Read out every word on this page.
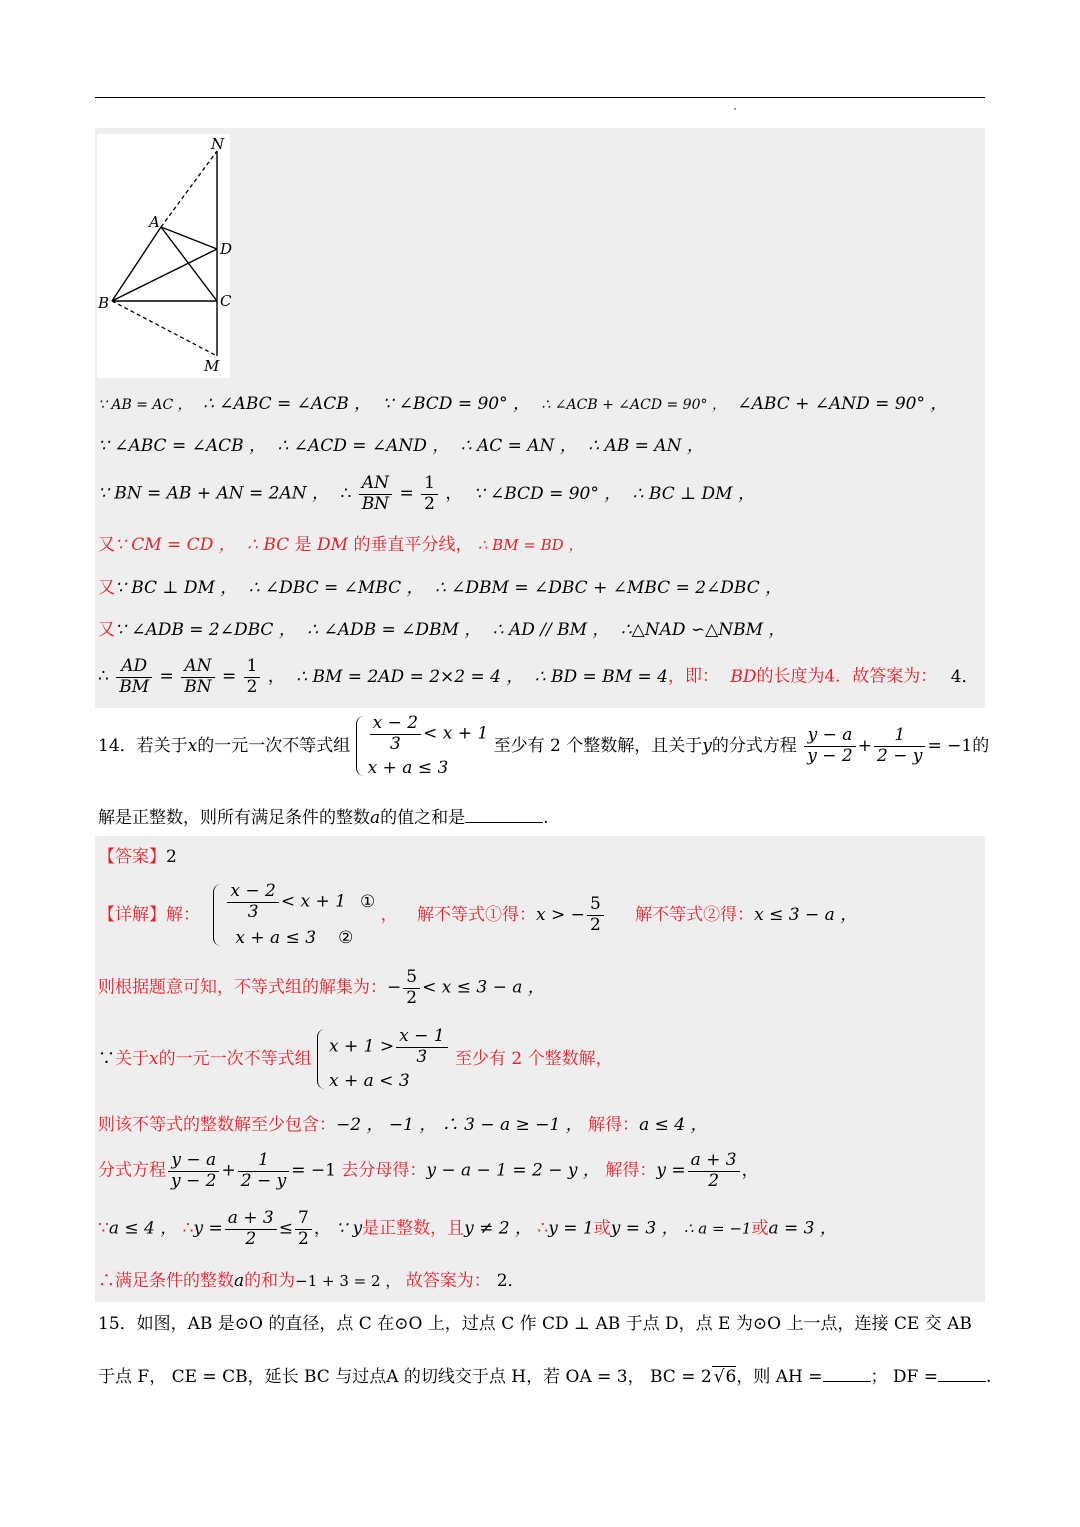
N
A
D
B	C
M
∵ AB = AC ， ∴ ∠ABC = ∠ACB ， ∵ ∠BCD = 90° ， ∴ ∠ACB + ∠ACD = 90° ， ∠ABC + ∠AND = 90° ，
∵ ∠ABC = ∠ACB ， ∴ ∠ACD = ∠AND ， ∴ AC = AN ， ∴ AB = AN ，
∵ BN = AB + AN = 2AN ， ∴ $\frac{AN}{BN} = \frac{1}{2}$ ， ∵ ∠BCD = 90° ， ∴ BC ⊥ DM ，
又∵ CM = CD ， ∴ BC 是 DM 的垂直平分线， ∴ BM = BD ，
又∵ BC ⊥ DM ， ∴ ∠DBC = ∠MBC ， ∴ ∠DBM = ∠DBC + ∠MBC = 2∠DBC ，
又∵ ∠ADB = 2∠DBC ， ∴ ∠ADB = ∠DBM ， ∴ AD // BM ， ∴△NAD ∽△NBM ，
∴ $\frac{AD}{BM} = \frac{AN}{BN} = \frac{1}{2}$ ， ∴ BM = 2AD = 2×2 = 4 ， ∴ BD = BM = 4，即： BD的长度为4．故答案为： 4．
14．若关于x的一元一次不等式组 $\frac{x - 2}{3} < x + 1$
x + a ≤ 3
至少有 2 个整数解，且关于y的分式方程 $\frac{y - a}{y - 2} + \frac{1}{2 - y} = -1$的
解是正整数，则所有满足条件的整数a的值之和是	.
【答案】2
【详解】解： $\frac{x - 2}{3} < x + 1$ ①
x + a ≤ 3 ②
， 解不等式①得：x > − $\frac{5}{2}$ 解不等式②得：x ≤ 3 − a ，
则根据题意可知，不等式组的解集为：− $\frac{5}{2} < x \le 3 - a$ ，
∵关于x的一元一次不等式组
$x + 1 > \frac{x - 1}{3}$
x + a < 3
至少有 2 个整数解，
则该不等式的整数解至少包含：−2 ， −1 ， ∴ 3 − a ≥ −1 ， 解得：a ≤ 4 ，
分式方程 $\frac{y - a}{y - 2} + \frac{1}{2 - y} = -1$ 去分母得：y − a − 1 = 2 − y ， 解得：$y = \frac{a + 3}{2}$ ，
∵a ≤ 4 ， ∴y = $\frac{a + 3}{2} \le \frac{7}{2}$ ， ∵ y是正整数，且y ≠ 2 ， ∴y = 1或y = 3 ， ∴ a = −1或a = 3 ，
∴满足条件的整数a的和为−1 + 3 = 2 ， 故答案为： 2．
15．如图，AB 是⊙O 的直径，点 C 在⊙O 上，过点 C 作 CD ⊥ AB 于点 D，点 E 为⊙O 上一点，连接 CE 交 AB
于点 F， CE = CB，延长 BC 与过点A 的切线交于点 H，若 OA = 3， BC = 2 √6，则 AH =	； DF =	.
